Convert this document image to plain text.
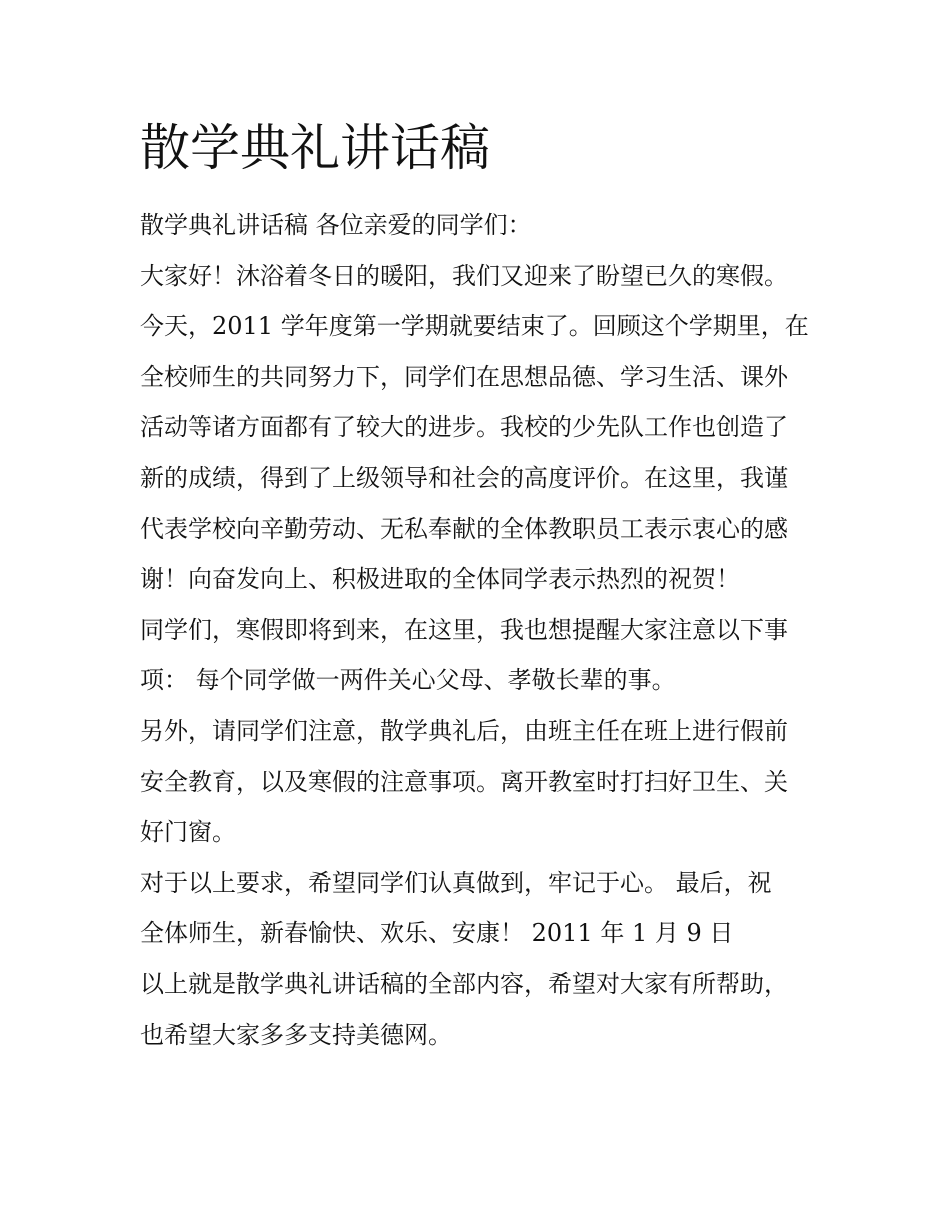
散学典礼讲话稿
散学典礼讲话稿 各位亲爱的同学们：
大家好！沐浴着冬日的暖阳，我们又迎来了盼望已久的寒假。
今天，2011 学年度第一学期就要结束了。回顾这个学期里，在
全校师生的共同努力下，同学们在思想品德、学习生活、课外
活动等诸方面都有了较大的进步。我校的少先队工作也创造了
新的成绩，得到了上级领导和社会的高度评价。在这里，我谨
代表学校向辛勤劳动、无私奉献的全体教职员工表示衷心的感
谢！向奋发向上、积极进取的全体同学表示热烈的祝贺！
同学们，寒假即将到来，在这里，我也想提醒大家注意以下事
项： 每个同学做一两件关心父母、孝敬长辈的事。
另外，请同学们注意，散学典礼后，由班主任在班上进行假前
安全教育，以及寒假的注意事项。离开教室时打扫好卫生、关
好门窗。
对于以上要求，希望同学们认真做到，牢记于心。 最后，祝
全体师生，新春愉快、欢乐、安康！ 2011 年 1 月 9 日
以上就是散学典礼讲话稿的全部内容，希望对大家有所帮助，
也希望大家多多支持美德网。
